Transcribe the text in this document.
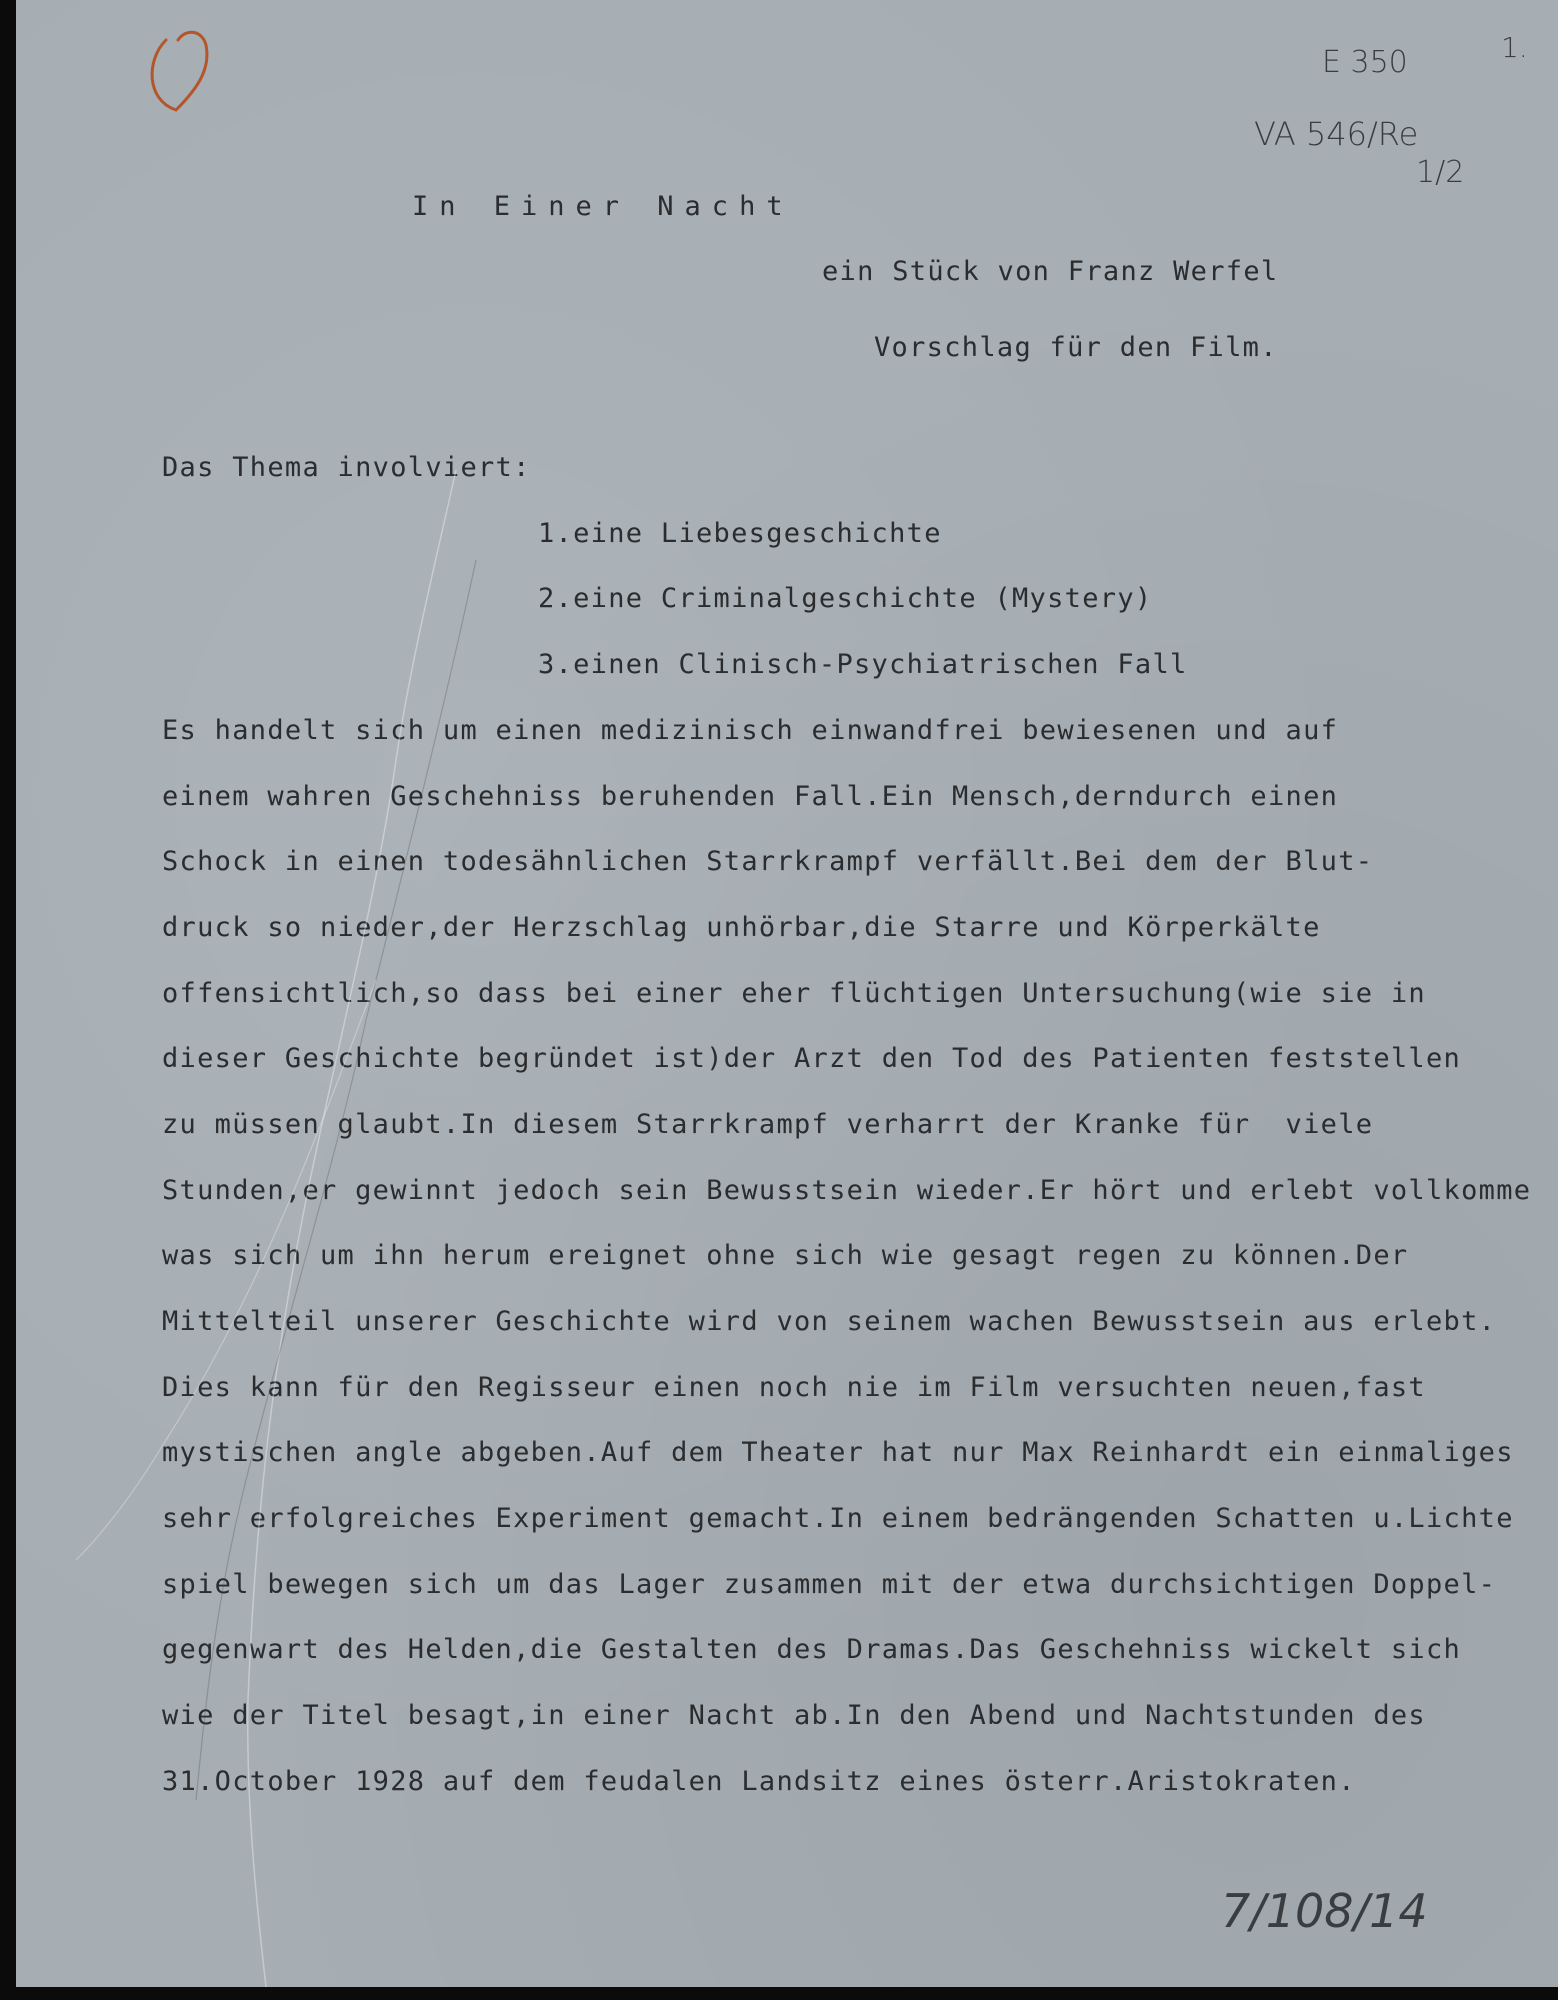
E 350	1.
VA 546/Re
1/2
7/108/14
In Einer Nacht
ein Stück von Franz Werfel
Vorschlag für den Film.
Das Thema involviert:
1.eine Liebesgeschichte
2.eine Criminalgeschichte (Mystery)
3.einen Clinisch-Psychiatrischen Fall
Es handelt sich um einen medizinisch einwandfrei bewiesenen und auf
einem wahren Geschehniss beruhenden Fall.Ein Mensch,derndurch einen
Schock in einen todesähnlichen Starrkrampf verfällt.Bei dem der Blut-
druck so nieder,der Herzschlag unhörbar,die Starre und Körperkälte
offensichtlich,so dass bei einer eher flüchtigen Untersuchung(wie sie in
dieser Geschichte begründet ist)der Arzt den Tod des Patienten feststellen
zu müssen glaubt.In diesem Starrkrampf verharrt der Kranke für  viele
Stunden,er gewinnt jedoch sein Bewusstsein wieder.Er hört und erlebt vollkomme
was sich um ihn herum ereignet ohne sich wie gesagt regen zu können.Der
Mittelteil unserer Geschichte wird von seinem wachen Bewusstsein aus erlebt.
Dies kann für den Regisseur einen noch nie im Film versuchten neuen,fast
mystischen angle abgeben.Auf dem Theater hat nur Max Reinhardt ein einmaliges
sehr erfolgreiches Experiment gemacht.In einem bedrängenden Schatten u.Lichte
spiel bewegen sich um das Lager zusammen mit der etwa durchsichtigen Doppel-
gegenwart des Helden,die Gestalten des Dramas.Das Geschehniss wickelt sich
wie der Titel besagt,in einer Nacht ab.In den Abend und Nachtstunden des
31.October 1928 auf dem feudalen Landsitz eines österr.Aristokraten.
